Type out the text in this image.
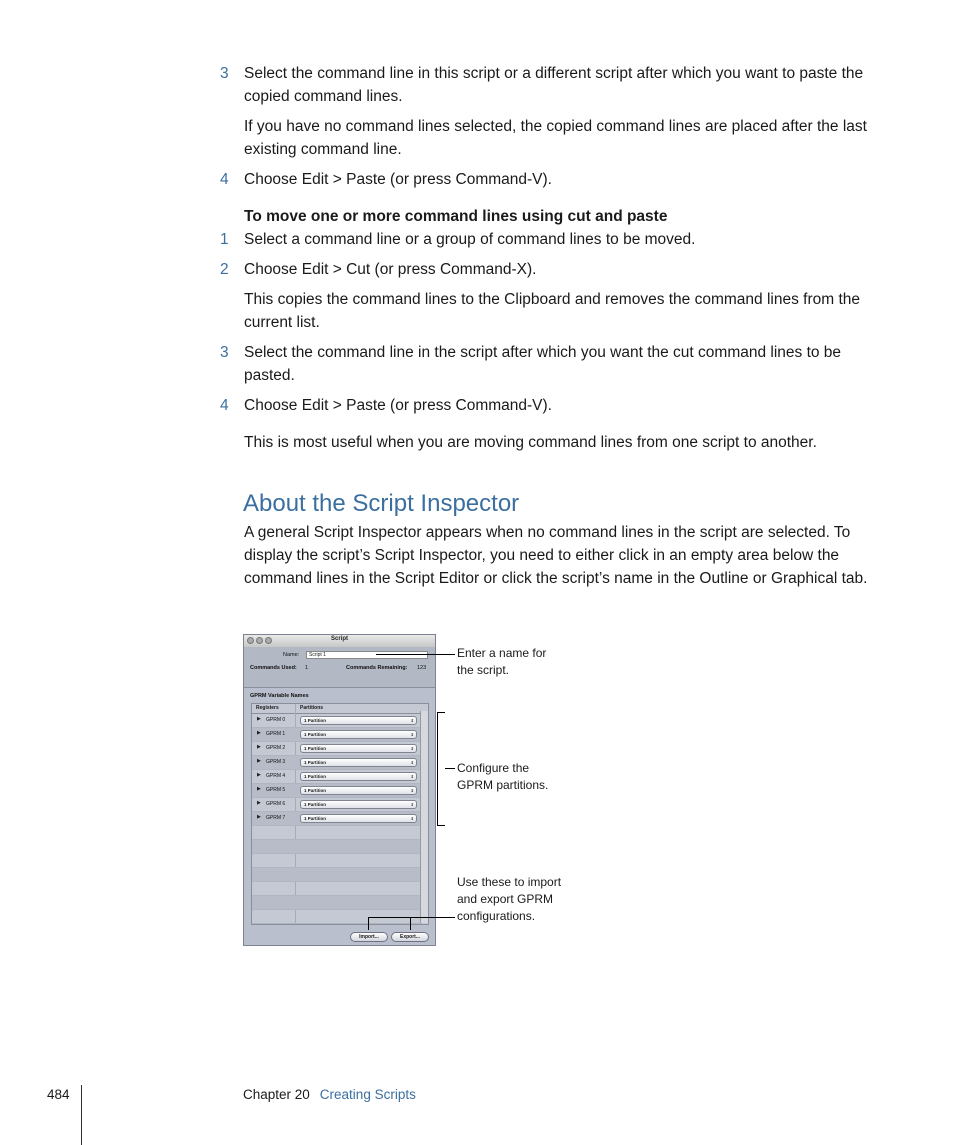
3 Select the command line in this script or a different script after which you want to paste the copied command lines.
If you have no command lines selected, the copied command lines are placed after the last existing command line.
4 Choose Edit > Paste (or press Command-V).
To move one or more command lines using cut and paste
1 Select a command line or a group of command lines to be moved.
2 Choose Edit > Cut (or press Command-X).
This copies the command lines to the Clipboard and removes the command lines from the current list.
3 Select the command line in the script after which you want the cut command lines to be pasted.
4 Choose Edit > Paste (or press Command-V).
This is most useful when you are moving command lines from one script to another.
About the Script Inspector
A general Script Inspector appears when no command lines in the script are selected. To display the script’s Script Inspector, you need to either click in an empty area below the command lines in the Script Editor or click the script’s name in the Outline or Graphical tab.
Script
Name:	Script 1
Commands Used: 1	Commands Remaining: 123
GPRM Variable Names
Registers	Partitions
▶ GPRM 0	1 Partition	⇕
▶ GPRM 1	1 Partition	⇕
▶ GPRM 2	1 Partition	⇕
▶ GPRM 3	1 Partition	⇕
▶ GPRM 4	1 Partition	⇕
▶ GPRM 5	1 Partition	⇕
▶ GPRM 6	1 Partition	⇕
▶ GPRM 7	1 Partition	⇕
Import...	Export...
Enter a name for the script.
Configure the GPRM partitions.
Use these to import and export GPRM configurations.
484	Chapter 20 Creating Scripts
